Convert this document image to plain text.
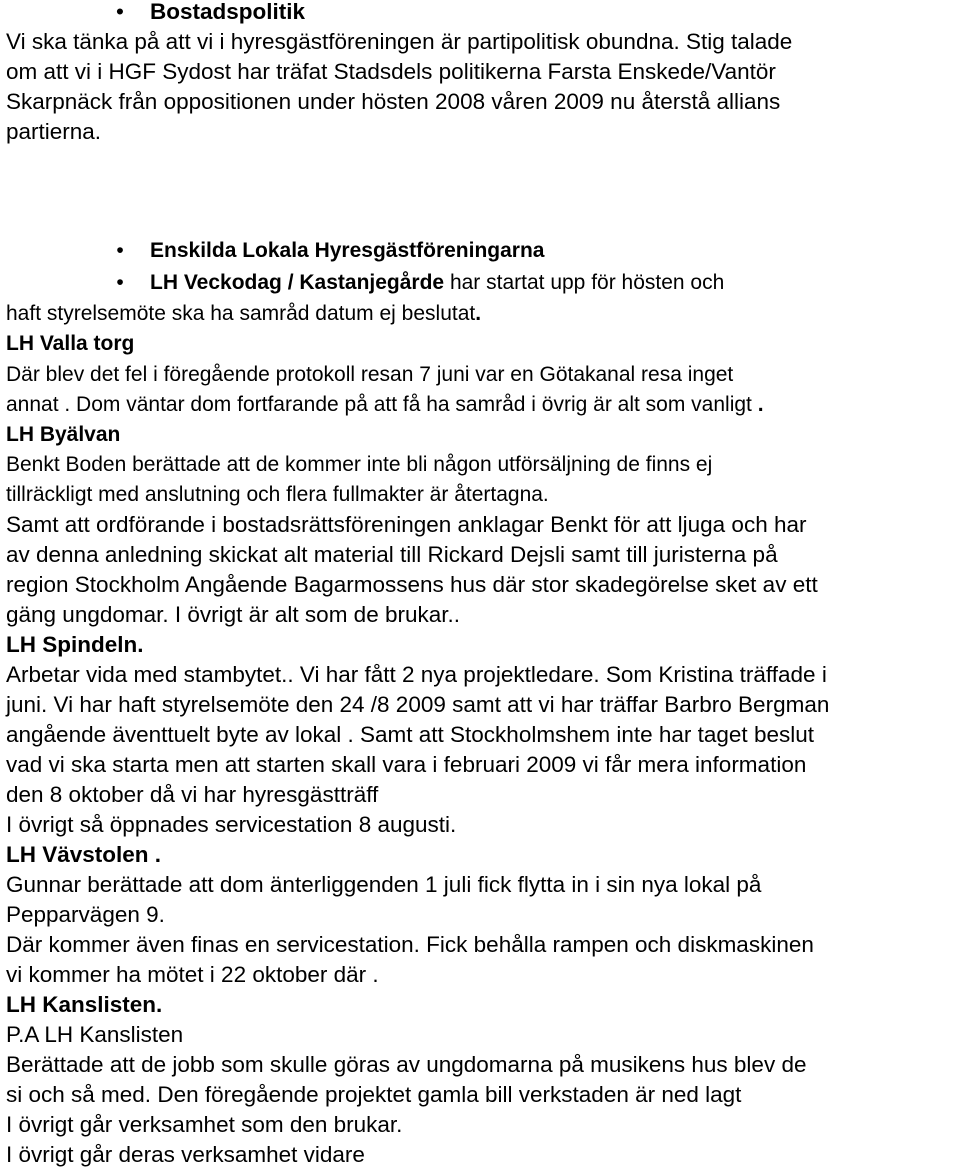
•	Bostadspolitik
Vi ska tänka på att vi i hyresgästföreningen är partipolitisk obundna. Stig talade
om att vi i HGF Sydost har träfat Stadsdels politikerna Farsta Enskede/Vantör
Skarpnäck från oppositionen under hösten 2008 våren 2009 nu återstå allians
partierna.
•	Enskilda Lokala Hyresgästföreningarna
•	LH Veckodag / Kastanjegårde har startat upp för hösten och
haft styrelsemöte ska ha samråd datum ej beslutat.
LH Valla torg
Där blev det fel i föregående protokoll resan 7 juni var en Götakanal resa inget
annat . Dom väntar dom fortfarande på att få ha samråd i övrig är alt som vanligt .
LH Byälvan
Benkt Boden berättade att de kommer inte bli någon utförsäljning de finns ej
tillräckligt med anslutning och flera fullmakter är återtagna.
Samt att ordförande i bostadsrättsföreningen anklagar Benkt för att ljuga och har
av denna anledning skickat alt material till Rickard Dejsli samt till juristerna på
region Stockholm Angående Bagarmossens hus där stor skadegörelse sket av ett
gäng ungdomar. I övrigt är alt som de brukar..
LH Spindeln.
Arbetar vida med stambytet.. Vi har fått 2 nya projektledare. Som Kristina träffade i
juni. Vi har haft styrelsemöte den 24 /8 2009 samt att vi har träffar Barbro Bergman
angående äventtuelt byte av lokal . Samt att Stockholmshem inte har taget beslut
vad vi ska starta men att starten skall vara i februari 2009 vi får mera information
den 8 oktober då vi har hyresgästträff
I övrigt så öppnades servicestation 8 augusti.
LH Vävstolen .
Gunnar berättade att dom änterliggenden 1 juli fick flytta in i sin nya lokal på
Pepparvägen 9.
Där kommer även finas en servicestation. Fick behålla rampen och diskmaskinen
vi kommer ha mötet i 22 oktober där .
LH Kanslisten.
P.A LH Kanslisten
Berättade att de jobb som skulle göras av ungdomarna på musikens hus blev de
si och så med. Den föregående projektet gamla bill verkstaden är ned lagt
I övrigt går verksamhet som den brukar.
I övrigt går deras verksamhet vidare
